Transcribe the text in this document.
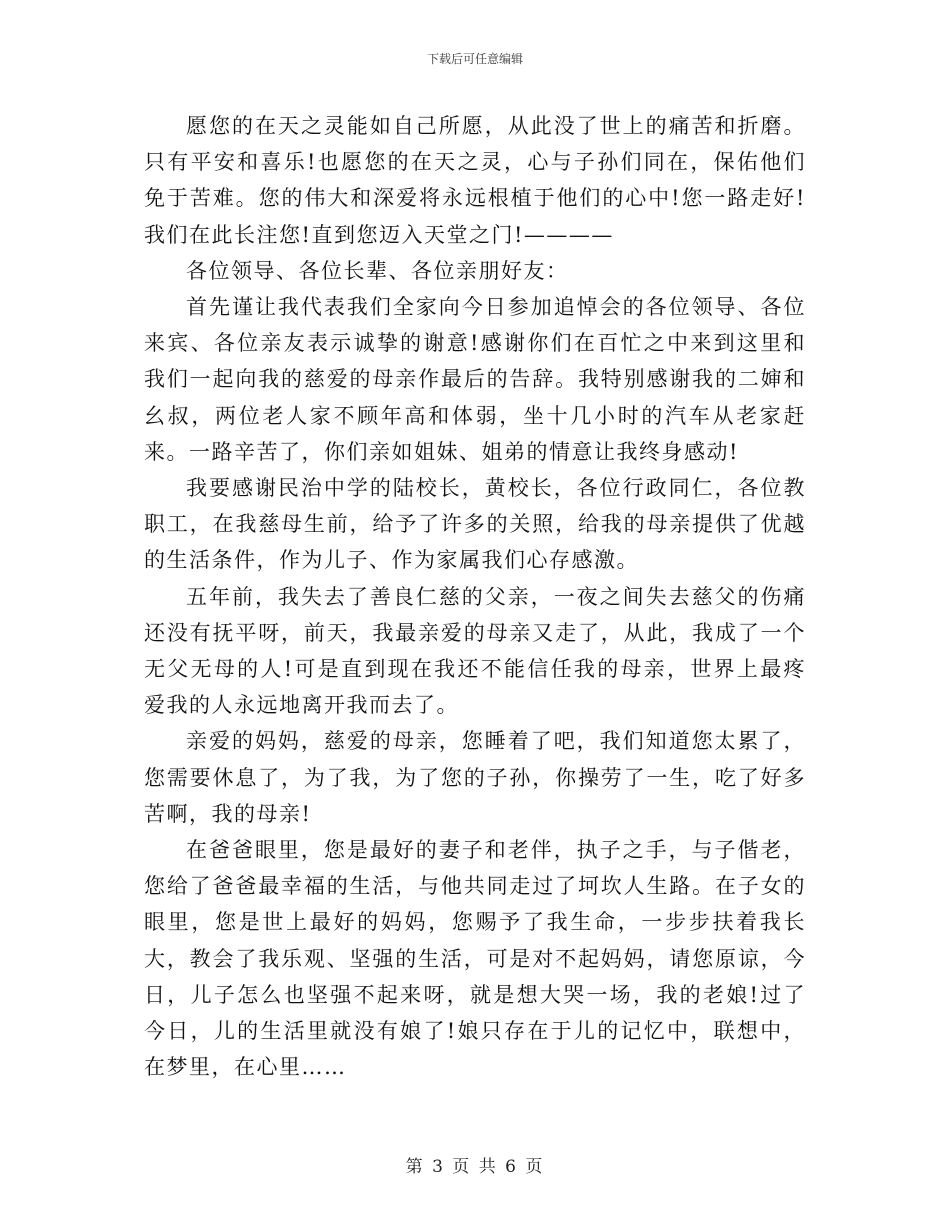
下载后可任意编辑

愿您的在天之灵能如自己所愿，从此没了世上的痛苦和折磨。只有平安和喜乐!也愿您的在天之灵，心与子孙们同在，保佑他们免于苦难。您的伟大和深爱将永远根植于他们的心中!您一路走好!我们在此长注您!直到您迈入天堂之门!————

各位领导、各位长辈、各位亲朋好友：

首先谨让我代表我们全家向今日参加追悼会的各位领导、各位来宾、各位亲友表示诚挚的谢意!感谢你们在百忙之中来到这里和我们一起向我的慈爱的母亲作最后的告辞。我特别感谢我的二婶和幺叔，两位老人家不顾年高和体弱，坐十几小时的汽车从老家赶来。一路辛苦了，你们亲如姐妹、姐弟的情意让我终身感动!

我要感谢民治中学的陆校长，黄校长，各位行政同仁，各位教职工，在我慈母生前，给予了许多的关照，给我的母亲提供了优越的生活条件，作为儿子、作为家属我们心存感激。

五年前，我失去了善良仁慈的父亲，一夜之间失去慈父的伤痛还没有抚平呀，前天，我最亲爱的母亲又走了，从此，我成了一个无父无母的人!可是直到现在我还不能信任我的母亲，世界上最疼爱我的人永远地离开我而去了。

亲爱的妈妈，慈爱的母亲，您睡着了吧，我们知道您太累了，您需要休息了，为了我，为了您的子孙，你操劳了一生，吃了好多苦啊，我的母亲!

在爸爸眼里，您是最好的妻子和老伴，执子之手，与子偕老，您给了爸爸最幸福的生活，与他共同走过了坷坎人生路。在子女的眼里，您是世上最好的妈妈，您赐予了我生命，一步步扶着我长大，教会了我乐观、坚强的生活，可是对不起妈妈，请您原谅，今日，儿子怎么也坚强不起来呀，就是想大哭一场，我的老娘!过了今日，儿的生活里就没有娘了!娘只存在于儿的记忆中，联想中，在梦里，在心里……

第 3 页 共 6 页
